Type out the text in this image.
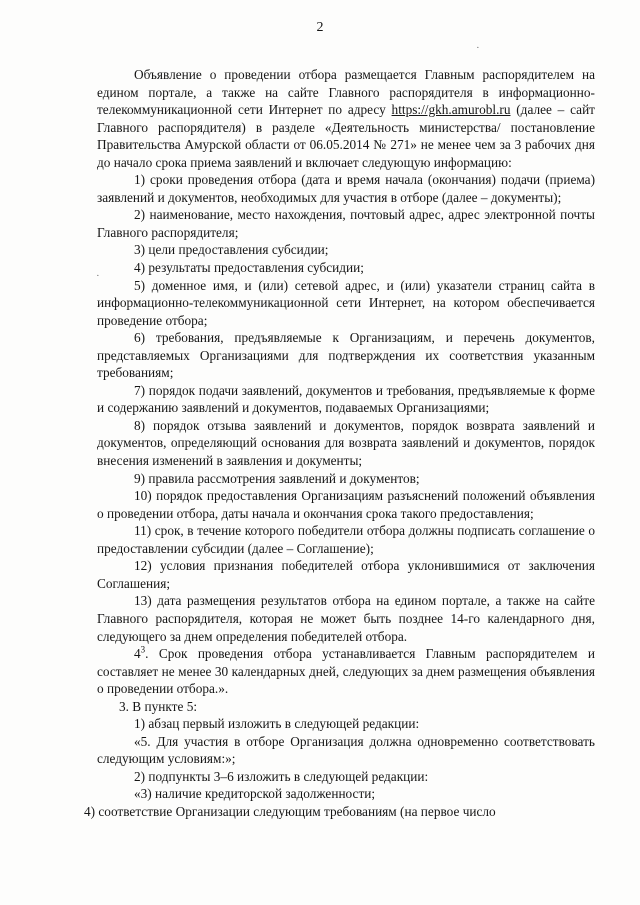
2
·
·

Объявление о проведении отбора размещается Главным распорядителем на едином портале, а также на сайте Главного распорядителя в информационно-телекоммуникационной сети Интернет по адресу https://gkh.amurobl.ru (далее – сайт Главного распорядителя) в разделе «Деятельность министерства/ постановление Правительства Амурской области от 06.05.2014 № 271» не менее чем за 3 рабочих дня до начало срока приема заявлений и включает следующую информацию:

1) сроки проведения отбора (дата и время начала (окончания) подачи (приема) заявлений и документов, необходимых для участия в отборе (далее – документы);

2) наименование, место нахождения, почтовый адрес, адрес электронной почты Главного распорядителя;

3) цели предоставления субсидии;

4) результаты предоставления субсидии;

5) доменное имя, и (или) сетевой адрес, и (или) указатели страниц сайта в информационно-телекоммуникационной сети Интернет, на котором обеспечивается проведение отбора;

6) требования, предъявляемые к Организациям, и перечень документов, представляемых Организациями для подтверждения их соответствия указанным требованиям;

7) порядок подачи заявлений, документов и требования, предъявляемые к форме и содержанию заявлений и документов, подаваемых Организациями;

8) порядок отзыва заявлений и документов, порядок возврата заявлений и документов, определяющий основания для возврата заявлений и документов, порядок внесения изменений в заявления и документы;

9) правила рассмотрения заявлений и документов;

10) порядок предоставления Организациям разъяснений положений объявления о проведении отбора, даты начала и окончания срока такого предоставления;

11) срок, в течение которого победители отбора должны подписать соглашение о предоставлении субсидии (далее – Соглашение);

12) условия признания победителей отбора уклонившимися от заключения Соглашения;

13) дата размещения результатов отбора на едином портале, а также на сайте Главного распорядителя, которая не может быть позднее 14-го календарного дня, следующего за днем определения победителей отбора.

$4^3$. Срок проведения отбора устанавливается Главным распорядителем и составляет не менее 30 календарных дней, следующих за днем размещения объявления о проведении отбора.».

3. В пункте 5:

1) абзац первый изложить в следующей редакции:

«5. Для участия в отборе Организация должна одновременно соответствовать следующим условиям:»;

2) подпункты 3–6 изложить в следующей редакции:

«3) наличие кредиторской задолженности;

4) соответствие Организации следующим требованиям (на первое число
